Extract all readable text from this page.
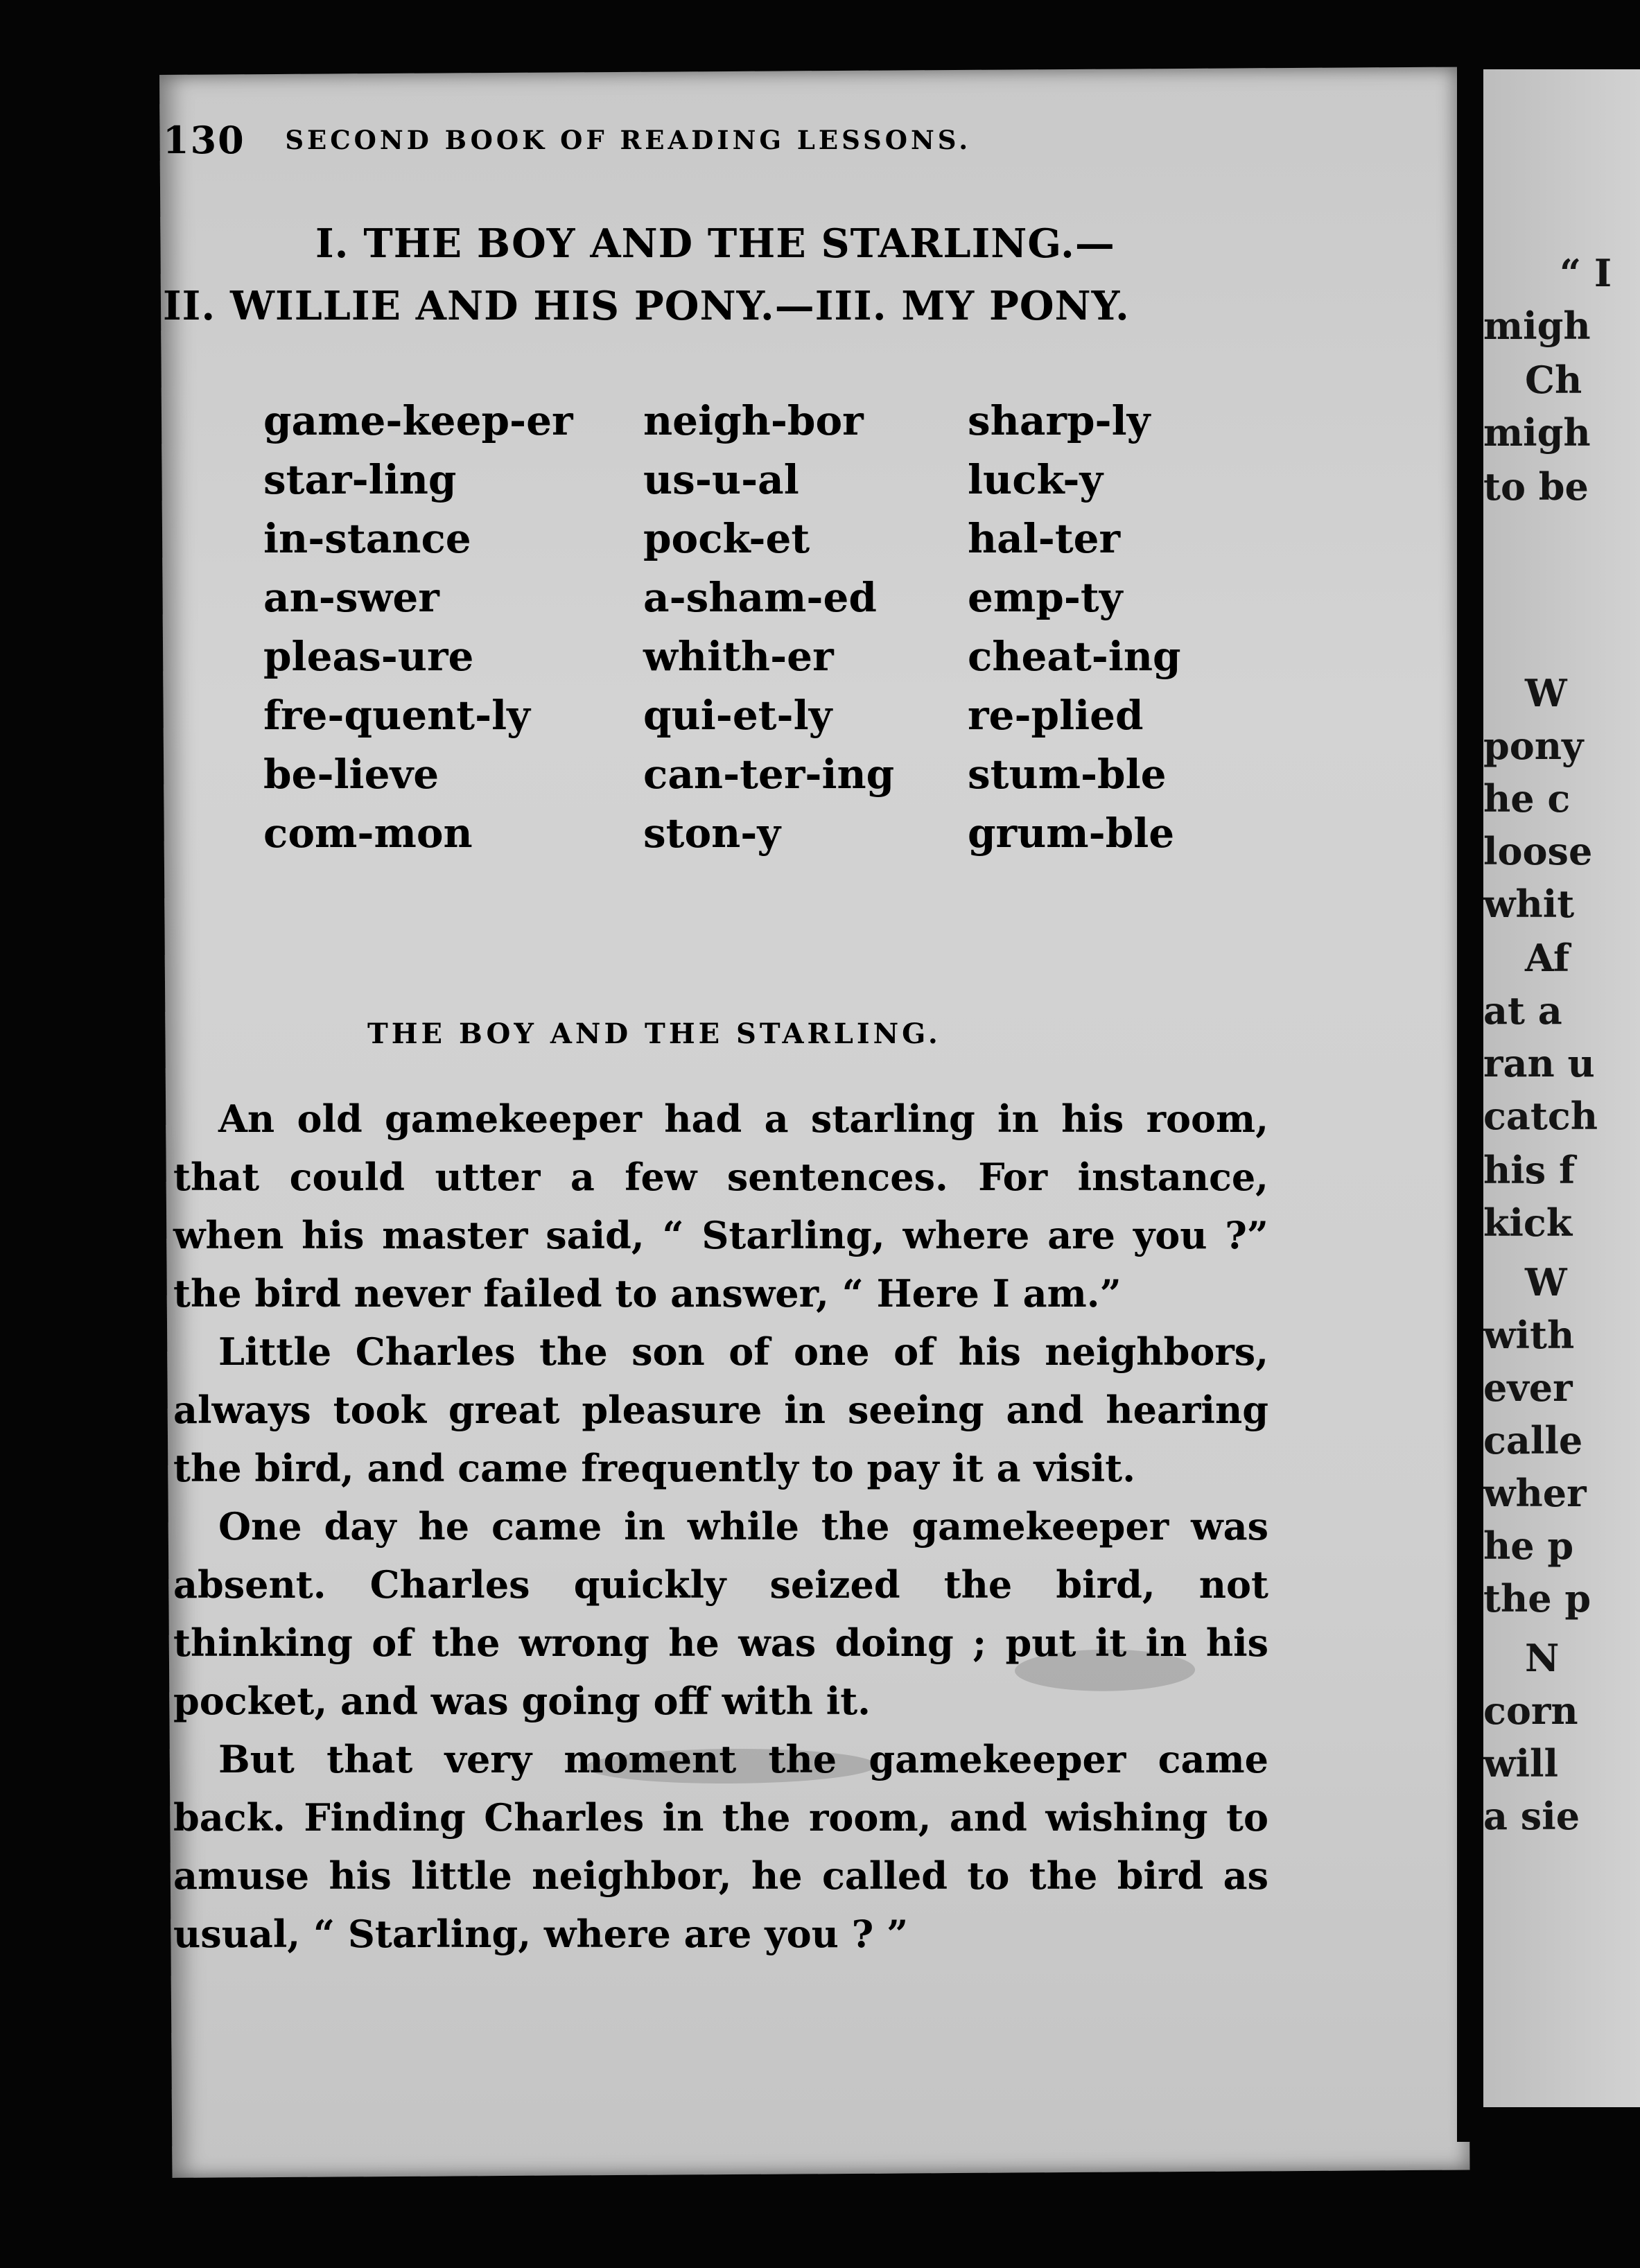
“ I
migh
Ch
migh
to be
W
pony
he c
loose
whit
Af
at a
ran u
catch
his f
kick
W
with
ever
calle
wher
he p
the p
N
corn
will
a sie
130 SECOND BOOK OF READING LESSONS.
I. THE BOY AND THE STARLING.—
II. WILLIE AND HIS PONY.—III. MY PONY.
game-keep-er
star-ling
in-stance
an-swer
pleas-ure
fre-quent-ly
be-lieve
com-mon
neigh-bor
us-u-al
pock-et
a-sham-ed
whith-er
qui-et-ly
can-ter-ing
ston-y
sharp-ly
luck-y
hal-ter
emp-ty
cheat-ing
re-plied
stum-ble
grum-ble
THE BOY AND THE STARLING.

An old gamekeeper had a starling in his room, that could utter a few sentences. For instance, when his master said, “ Starling, where are you ?” the bird never failed to answer, “ Here I am.”

Little Charles the son of one of his neighbors, always took great pleasure in seeing and hearing the bird, and came frequently to pay it a visit.

One day he came in while the gamekeeper was absent. Charles quickly seized the bird, not thinking of the wrong he was doing ; put it in his pocket, and was going off with it.

But that very moment the gamekeeper came back. Finding Charles in the room, and wishing to amuse his little neighbor, he called to the bird as usual, “ Starling, where are you ? ”
